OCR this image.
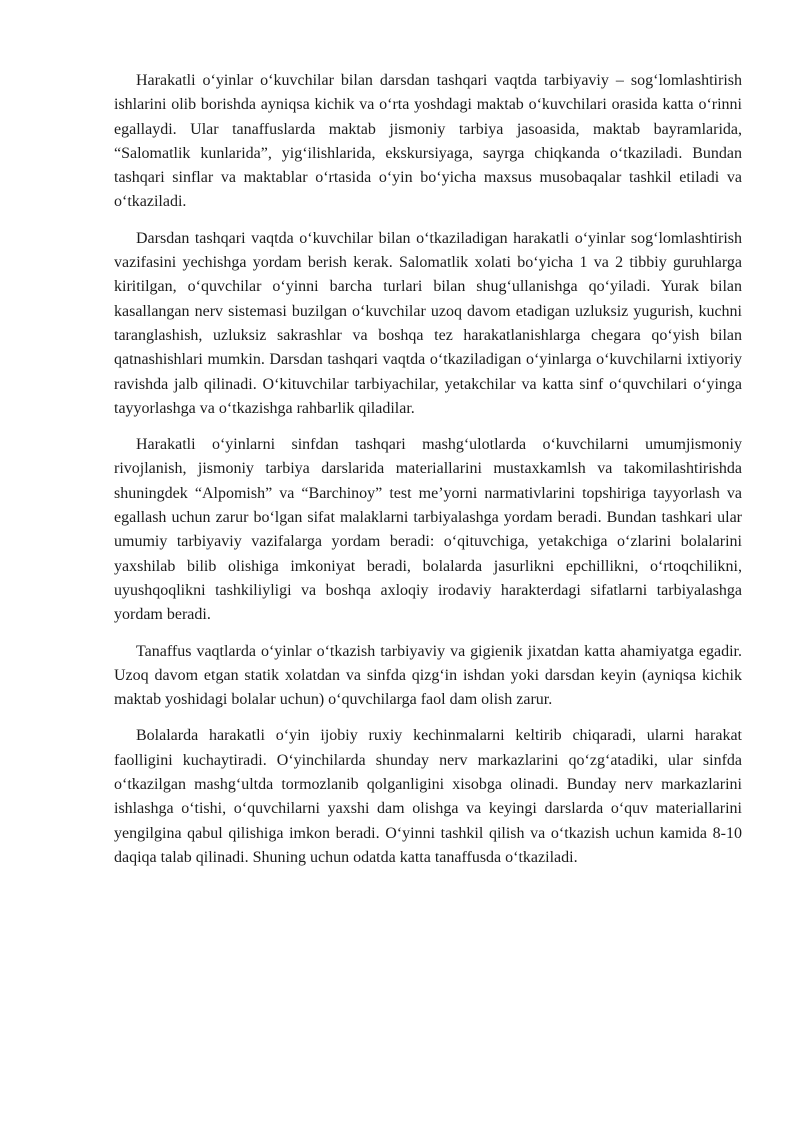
Harakatli o‘yinlar o‘kuvchilar bilan darsdan tashqari vaqtda tarbiyaviy – sog‘lomlashtirish ishlarini olib borishda ayniqsa kichik va o‘rta yoshdagi maktab o‘kuvchilari orasida katta o‘rinni egallaydi. Ular tanaffuslarda maktab jismoniy tarbiya jasoasida, maktab bayramlarida, “Salomatlik kunlarida”, yig‘ilishlarida, ekskursiyaga, sayrga chiqkanda o‘tkaziladi. Bundan tashqari sinflar va maktablar o‘rtasida o‘yin bo‘yicha maxsus musobaqalar tashkil etiladi va o‘tkaziladi.

Darsdan tashqari vaqtda o‘kuvchilar bilan o‘tkaziladigan harakatli o‘yinlar sog‘lomlashtirish vazifasini yechishga yordam berish kerak. Salomatlik xolati bo‘yicha 1 va 2 tibbiy guruhlarga kiritilgan, o‘quvchilar o‘yinni barcha turlari bilan shug‘ullanishga qo‘yiladi. Yurak bilan kasallangan nerv sistemasi buzilgan o‘kuvchilar uzoq davom etadigan uzluksiz yugurish, kuchni taranglashish, uzluksiz sakrashlar va boshqa tez harakatlanishlarga chegara qo‘yish bilan qatnashishlari mumkin. Darsdan tashqari vaqtda o‘tkaziladigan o‘yinlarga o‘kuvchilarni ixtiyoriy ravishda jalb qilinadi. O‘kituvchilar tarbiyachilar, yetakchilar va katta sinf o‘quvchilari o‘yinga tayyorlashga va o‘tkazishga rahbarlik qiladilar.

Harakatli o‘yinlarni sinfdan tashqari mashg‘ulotlarda o‘kuvchilarni umumjismoniy rivojlanish, jismoniy tarbiya darslarida materiallarini mustaxkamlsh va takomilashtirishda shuningdek “Alpomish” va “Barchinoy” test me’yorni narmativlarini topshiriga tayyorlash va egallash uchun zarur bo‘lgan sifat malaklarni tarbiyalashga yordam beradi. Bundan tashkari ular umumiy tarbiyaviy vazifalarga yordam beradi: o‘qituvchiga, yetakchiga o‘zlarini bolalarini yaxshilab bilib olishiga imkoniyat beradi, bolalarda jasurlikni epchillikni, o‘rtoqchilikni, uyushqoqlikni tashkiliyligi va boshqa axloqiy irodaviy harakterdagi sifatlarni tarbiyalashga yordam beradi.

Tanaffus vaqtlarda o‘yinlar o‘tkazish tarbiyaviy va gigienik jixatdan katta ahamiyatga egadir. Uzoq davom etgan statik xolatdan va sinfda qizg‘in ishdan yoki darsdan keyin (ayniqsa kichik maktab yoshidagi bolalar uchun) o‘quvchilarga faol dam olish zarur.

Bolalarda harakatli o‘yin ijobiy ruxiy kechinmalarni keltirib chiqaradi, ularni harakat faolligini kuchaytiradi. O‘yinchilarda shunday nerv markazlarini qo‘zg‘atadiki, ular sinfda o‘tkazilgan mashg‘ultda tormozlanib qolganligini xisobga olinadi. Bunday nerv markazlarini ishlashga o‘tishi, o‘quvchilarni yaxshi dam olishga va keyingi darslarda o‘quv materiallarini yengilgina qabul qilishiga imkon beradi. O‘yinni tashkil qilish va o‘tkazish uchun kamida 8-10 daqiqa talab qilinadi. Shuning uchun odatda katta tanaffusda o‘tkaziladi.
